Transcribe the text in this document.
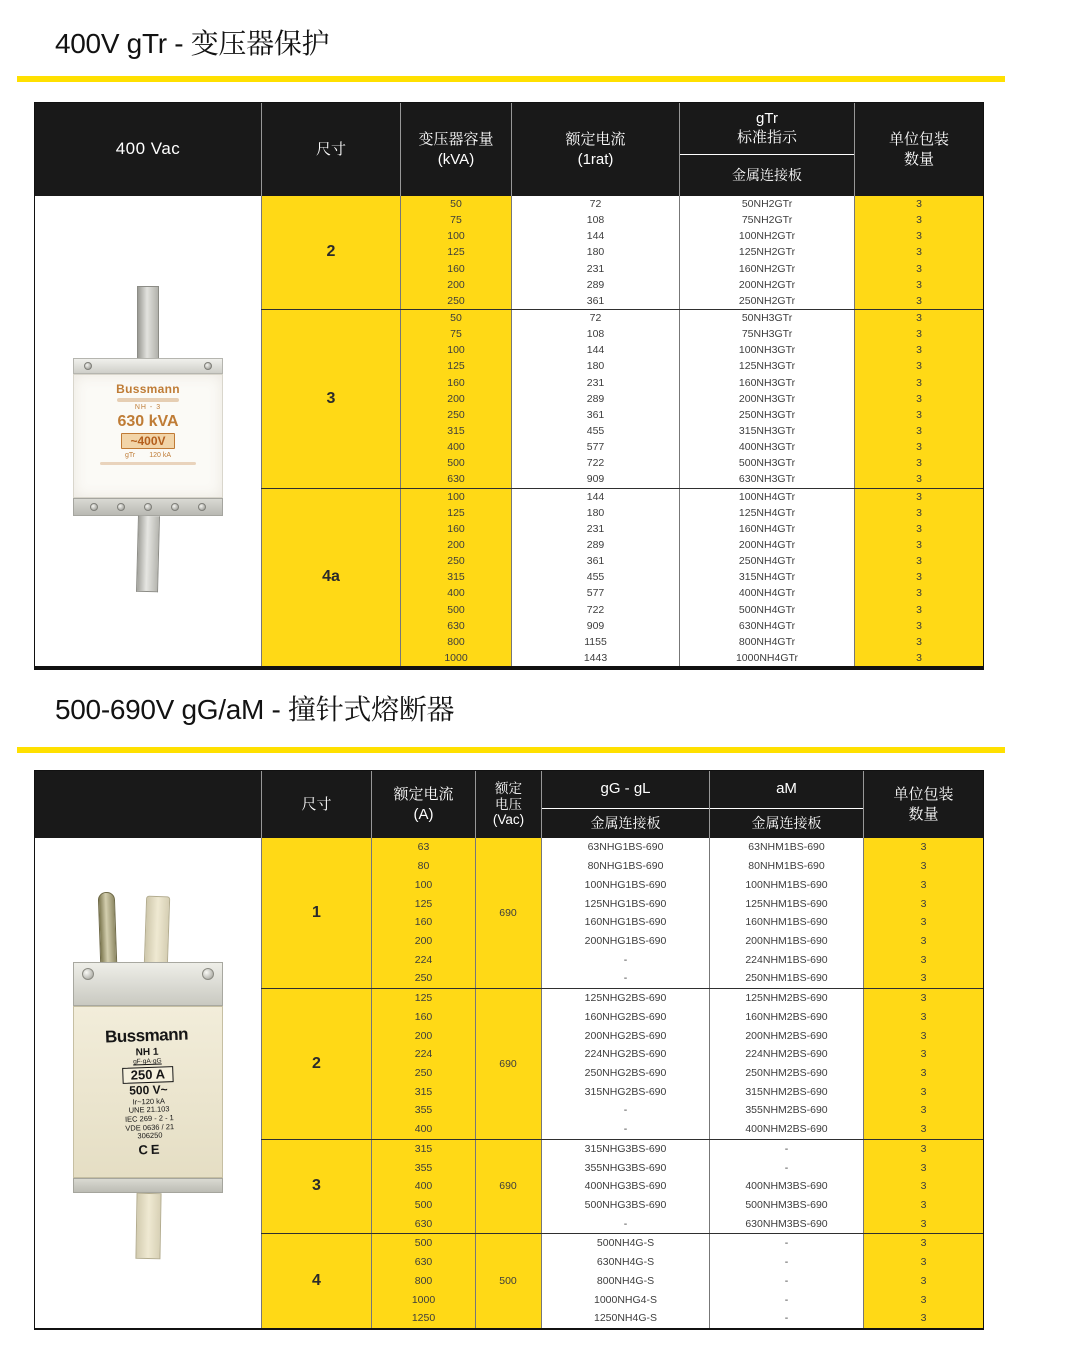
400V gTr - 变压器保护
400 Vac	尺寸
变压器容量
(kVA)
额定电流
(1rat)
gTr
标准指示
金属连接板
单位包装
数量
Bussmann
NH - 3
630 kVA
~400V
gTr 120 kA
2
50	72	50NH2GTr	3
75	108	75NH2GTr	3
100	144	100NH2GTr	3
125	180	125NH2GTr	3
160	231	160NH2GTr	3
200	289	200NH2GTr	3
250	361	250NH2GTr	3
3
50	72	50NH3GTr	3
75	108	75NH3GTr	3
100	144	100NH3GTr	3
125	180	125NH3GTr	3
160	231	160NH3GTr	3
200	289	200NH3GTr	3
250	361	250NH3GTr	3
315	455	315NH3GTr	3
400	577	400NH3GTr	3
500	722	500NH3GTr	3
630	909	630NH3GTr	3
4a
100	144	100NH4GTr	3
125	180	125NH4GTr	3
160	231	160NH4GTr	3
200	289	200NH4GTr	3
250	361	250NH4GTr	3
315	455	315NH4GTr	3
400	577	400NH4GTr	3
500	722	500NH4GTr	3
630	909	630NH4GTr	3
800	1155	800NH4GTr	3
1000	1443	1000NH4GTr	3
500-690V gG/aM - 撞针式熔断器
尺寸
额定电流
(A)
额定
电压
(Vac)
gG - gL
金属连接板
aM
金属连接板
单位包装
数量
Bussmann
NH 1
gF·gA·gG
250 A
500 V~
Ir~120 kA
UNE 21.103
IEC 269 - 2 - 1
VDE 0636 / 21
306250
CE
1
63	63NHG1BS-690	63NHM1BS-690	3
80	80NHG1BS-690	80NHM1BS-690	3
100	100NHG1BS-690	100NHM1BS-690	3
125	125NHG1BS-690	125NHM1BS-690	3
160	160NHG1BS-690	160NHM1BS-690	3
200	200NHG1BS-690	200NHM1BS-690	3
224	-	224NHM1BS-690	3
250	-	250NHM1BS-690	3
690
2
125	125NHG2BS-690	125NHM2BS-690	3
160	160NHG2BS-690	160NHM2BS-690	3
200	200NHG2BS-690	200NHM2BS-690	3
224	224NHG2BS-690	224NHM2BS-690	3
250	250NHG2BS-690	250NHM2BS-690	3
315	315NHG2BS-690	315NHM2BS-690	3
355	-	355NHM2BS-690	3
400	-	400NHM2BS-690	3
690
3
315	315NHG3BS-690	-	3
355	355NHG3BS-690	-	3
400	400NHG3BS-690	400NHM3BS-690	3
500	500NHG3BS-690	500NHM3BS-690	3
630	-	630NHM3BS-690	3
690
4
500	500NH4G-S	-	3
630	630NH4G-S	-	3
800	800NH4G-S	-	3
1000	1000NHG4-S	-	3
1250	1250NH4G-S	-	3
500
